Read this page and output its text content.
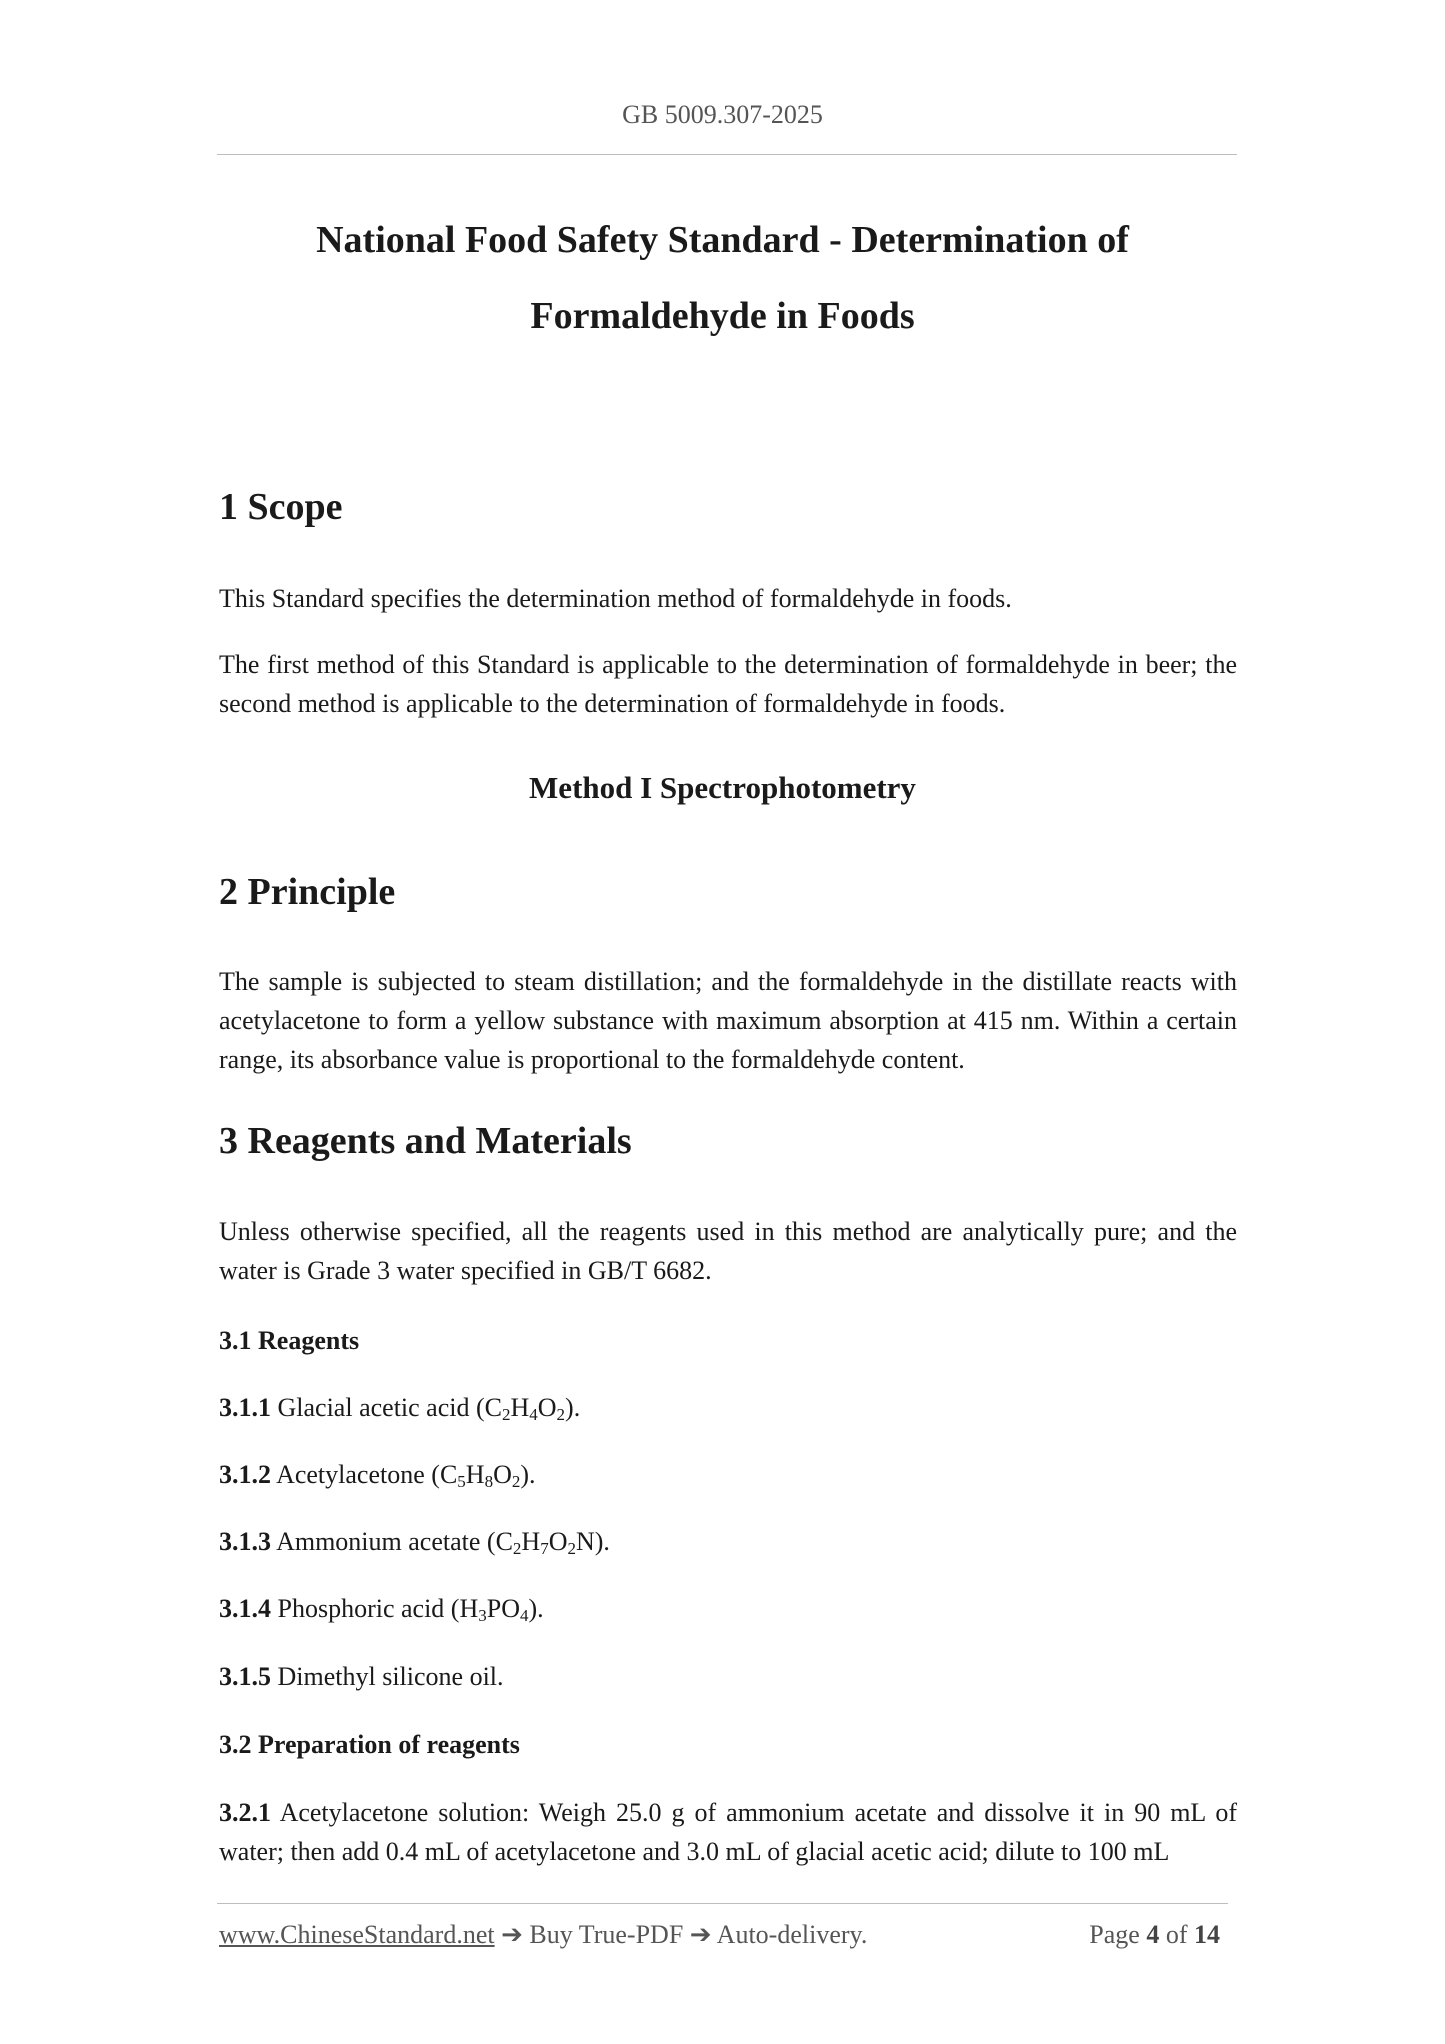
GB 5009.307-2025
National Food Safety Standard - Determination of
Formaldehyde in Foods
1 Scope

This Standard specifies the determination method of formaldehyde in foods.

The first method of this Standard is applicable to the determination of formaldehyde in beer; the second method is applicable to the determination of formaldehyde in foods.

Method I Spectrophotometry
2 Principle

The sample is subjected to steam distillation; and the formaldehyde in the distillate reacts with acetylacetone to form a yellow substance with maximum absorption at 415 nm. Within a certain range, its absorbance value is proportional to the formaldehyde content.

3 Reagents and Materials

Unless otherwise specified, all the reagents used in this method are analytically pure; and the water is Grade 3 water specified in GB/T 6682.

3.1 Reagents
3.1.1 Glacial acetic acid $(C_2H_4O_2)$.
3.1.2 Acetylacetone $(C_5H_8O_2)$.
3.1.3 Ammonium acetate $(C_2H_7O_2N)$.
3.1.4 Phosphoric acid $(H_3PO_4)$.
3.1.5 Dimethyl silicone oil.
3.2 Preparation of reagents

3.2.1 Acetylacetone solution: Weigh 25.0 g of ammonium acetate and dissolve it in 90 mL of water; then add 0.4 mL of acetylacetone and 3.0 mL of glacial acetic acid; dilute to 100 mL

www.ChineseStandard.net ➔ Buy True-PDF ➔ Auto-delivery.	Page 4 of 14
